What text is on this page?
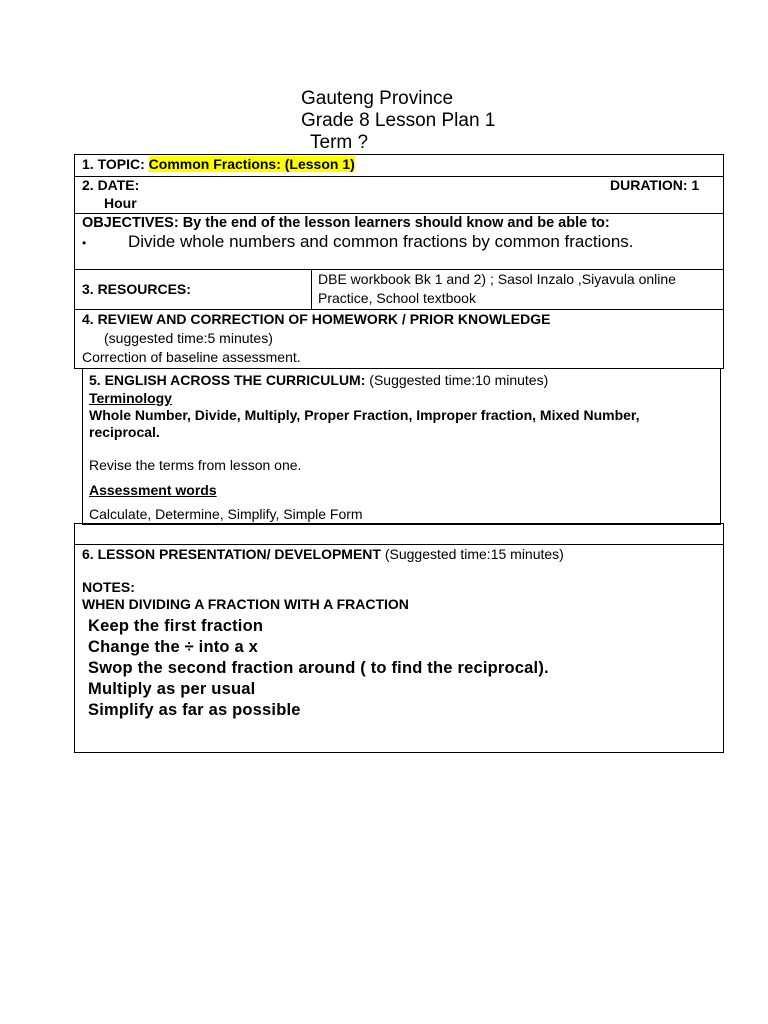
Gauteng Province
Grade 8 Lesson Plan 1
Term ?
1. TOPIC: Common Fractions: (Lesson 1)
2. DATE:	DURATION: 1
Hour
OBJECTIVES: By the end of the lesson learners should know and be able to:
• Divide whole numbers and common fractions by common fractions.
3. RESOURCES:
DBE workbook Bk 1 and 2) ; Sasol Inzalo ,Siyavula online
Practice, School textbook
4. REVIEW AND CORRECTION OF HOMEWORK / PRIOR KNOWLEDGE
(suggested time:5 minutes)
Correction of baseline assessment.
5. ENGLISH ACROSS THE CURRICULUM: (Suggested time:10 minutes)
Terminology
Whole Number, Divide, Multiply, Proper Fraction, Improper fraction, Mixed Number,
reciprocal.
Revise the terms from lesson one.
Assessment words
Calculate, Determine, Simplify, Simple Form
6. LESSON PRESENTATION/ DEVELOPMENT (Suggested time:15 minutes)
NOTES:
WHEN DIVIDING A FRACTION WITH A FRACTION
Keep the first fraction
Change the ÷ into a x
Swop the second fraction around ( to find the reciprocal).
Multiply as per usual
Simplify as far as possible
